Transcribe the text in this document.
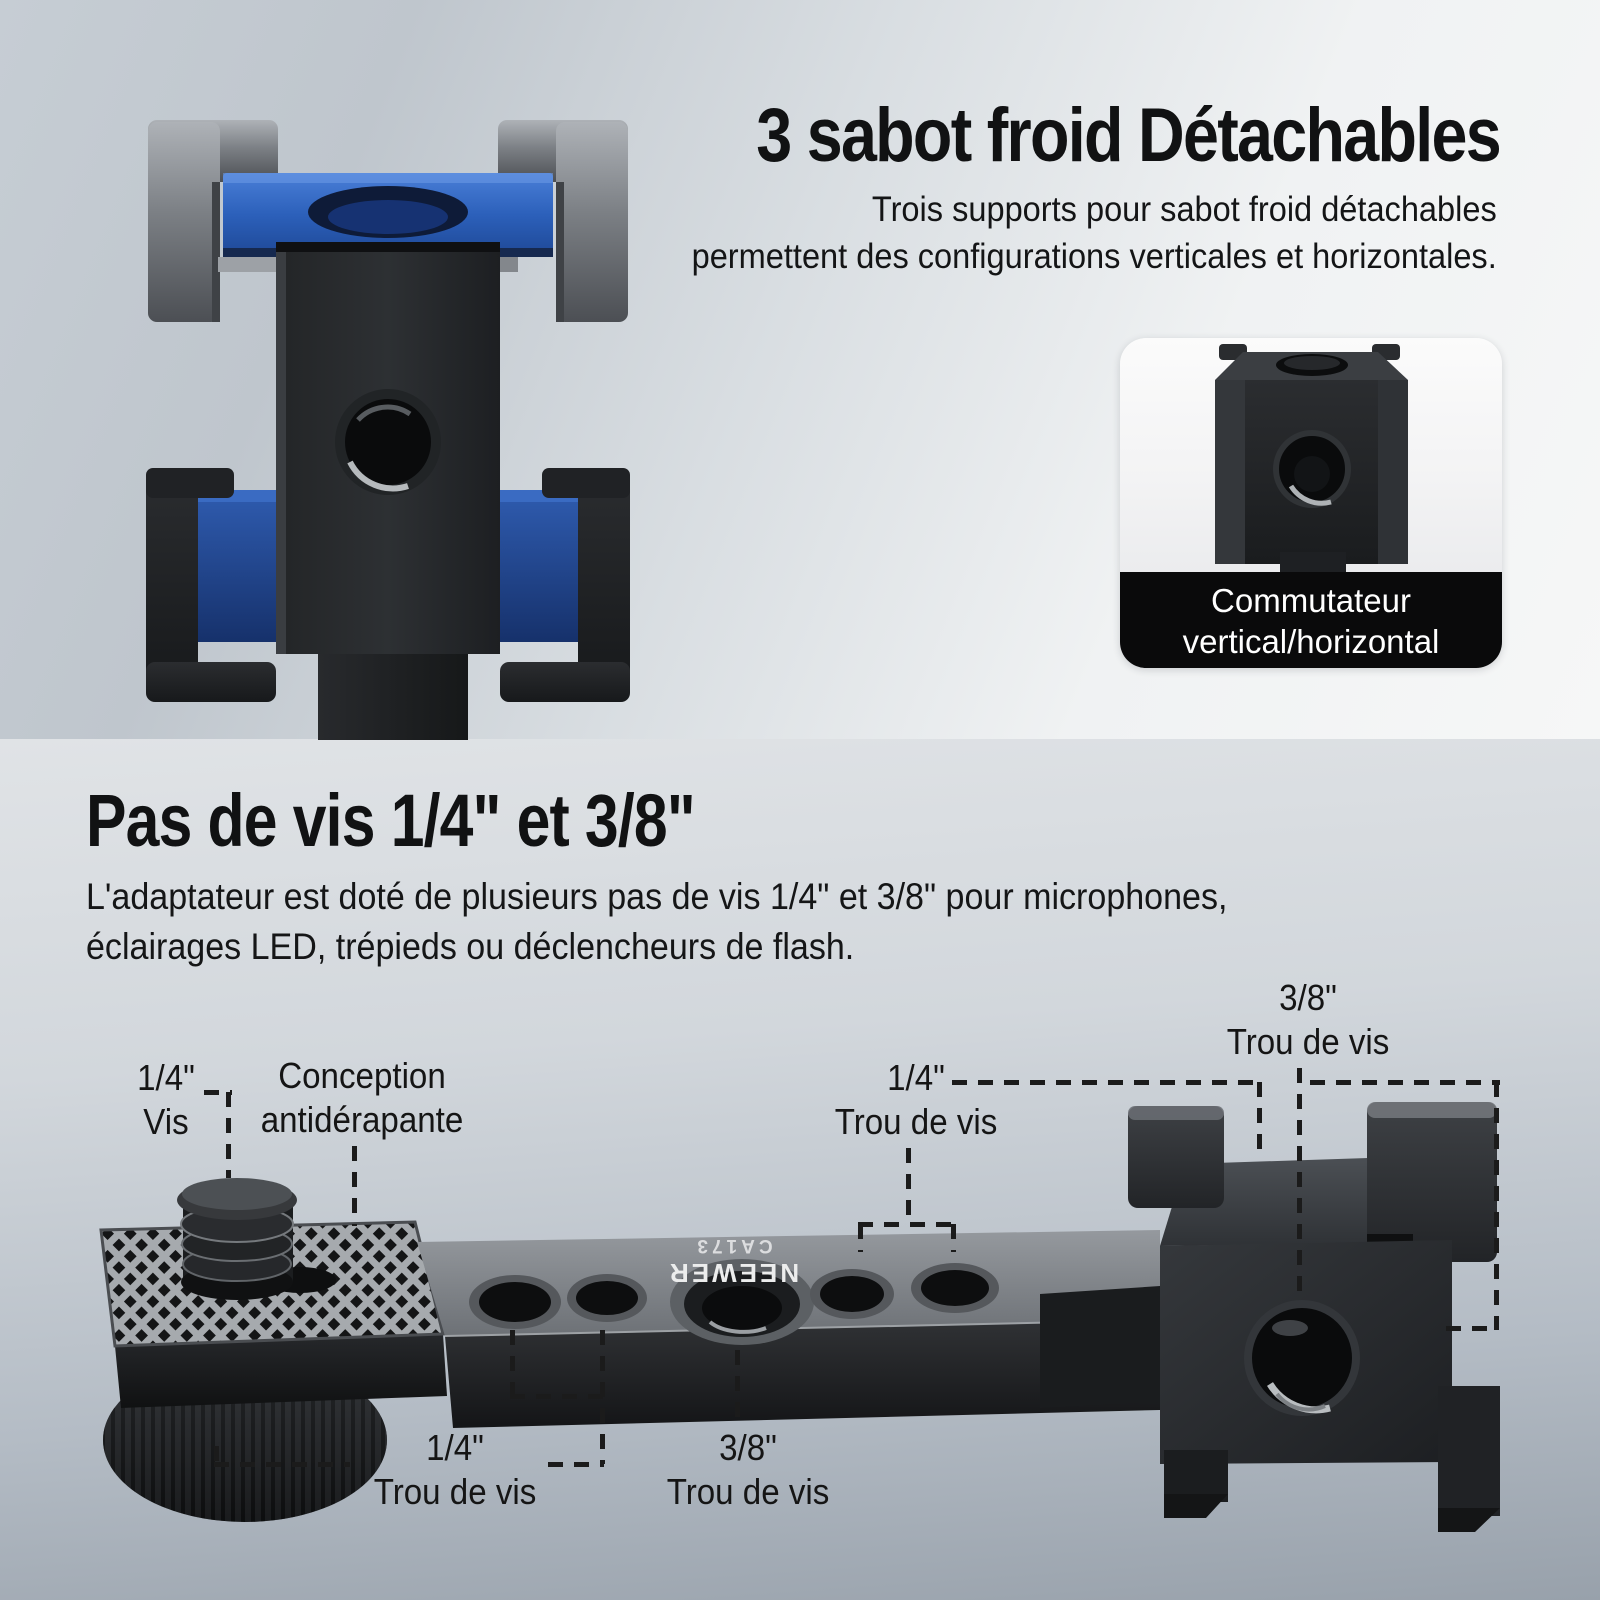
3 sabot froid Détachables
Trois supports pour sabot froid détachables
permettent des configurations verticales et horizontales.
Commutateur
vertical/horizontal
Pas de vis 1/4" et 3/8"
L'adaptateur est doté de plusieurs pas de vis 1/4" et 3/8" pour microphones,
éclairages LED, trépieds ou déclencheurs de flash.
NEEWER
CA173
1/4"
Vis
Conception
antidérapante
1/4"
Trou de vis
3/8"
Trou de vis
1/4"
Trou de vis
3/8"
Trou de vis
